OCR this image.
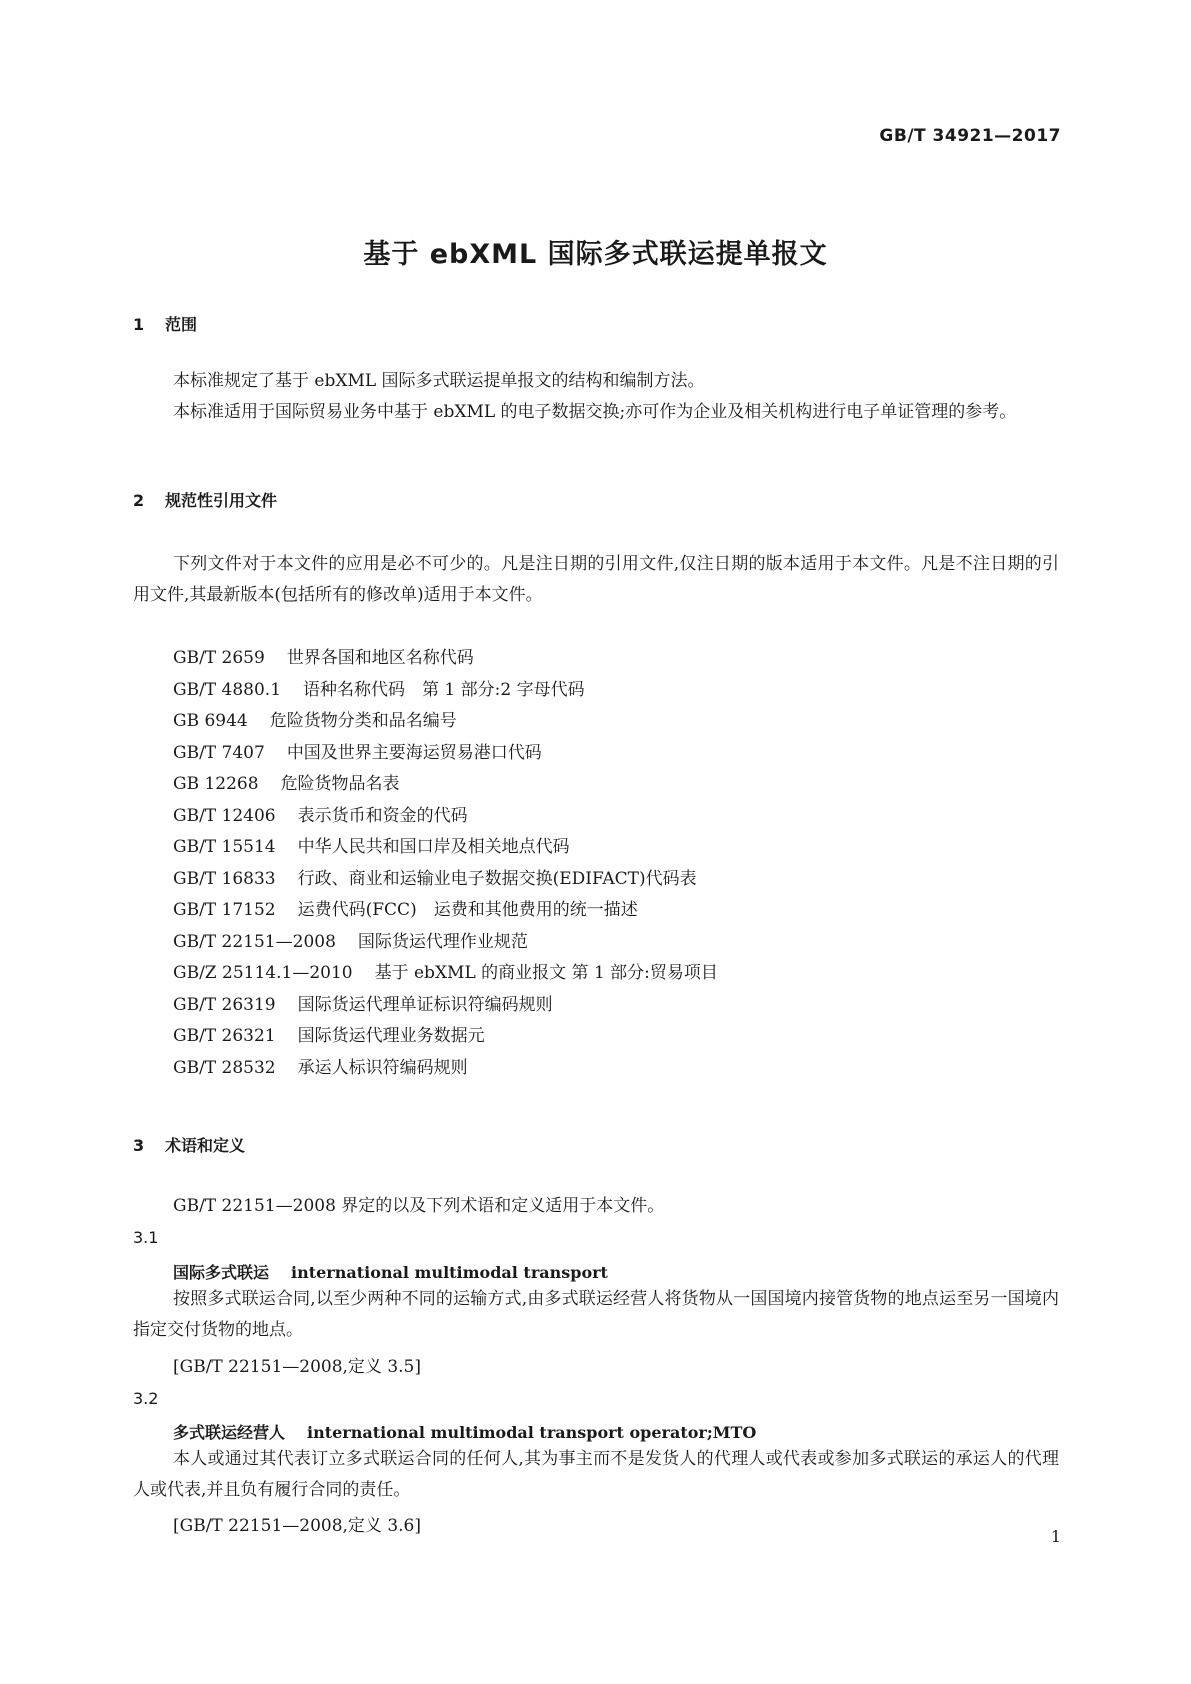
GB/T 34921—2017
基于 ebXML 国际多式联运提单报文
1 范围
本标准规定了基于 ebXML 国际多式联运提单报文的结构和编制方法。
本标准适用于国际贸易业务中基于 ebXML 的电子数据交换;亦可作为企业及相关机构进行电子单证管理的参考。
2 规范性引用文件
下列文件对于本文件的应用是必不可少的。凡是注日期的引用文件,仅注日期的版本适用于本文件。凡是不注日期的引用文件,其最新版本(包括所有的修改单)适用于本文件。
GB/T 2659 世界各国和地区名称代码
GB/T 4880.1 语种名称代码　第 1 部分:2 字母代码
GB 6944 危险货物分类和品名编号
GB/T 7407 中国及世界主要海运贸易港口代码
GB 12268 危险货物品名表
GB/T 12406 表示货币和资金的代码
GB/T 15514 中华人民共和国口岸及相关地点代码
GB/T 16833 行政、商业和运输业电子数据交换(EDIFACT)代码表
GB/T 17152 运费代码(FCC)　运费和其他费用的统一描述
GB/T 22151—2008 国际货运代理作业规范
GB/Z 25114.1—2010 基于 ebXML 的商业报文 第 1 部分:贸易项目
GB/T 26319 国际货运代理单证标识符编码规则
GB/T 26321 国际货运代理业务数据元
GB/T 28532 承运人标识符编码规则
3 术语和定义
GB/T 22151—2008 界定的以及下列术语和定义适用于本文件。
3.1
国际多式联运 international multimodal transport
按照多式联运合同,以至少两种不同的运输方式,由多式联运经营人将货物从一国国境内接管货物的地点运至另一国境内指定交付货物的地点。
[GB/T 22151—2008,定义 3.5]
3.2
多式联运经营人 international multimodal transport operator;MTO
本人或通过其代表订立多式联运合同的任何人,其为事主而不是发货人的代理人或代表或参加多式联运的承运人的代理人或代表,并且负有履行合同的责任。
[GB/T 22151—2008,定义 3.6]
1
